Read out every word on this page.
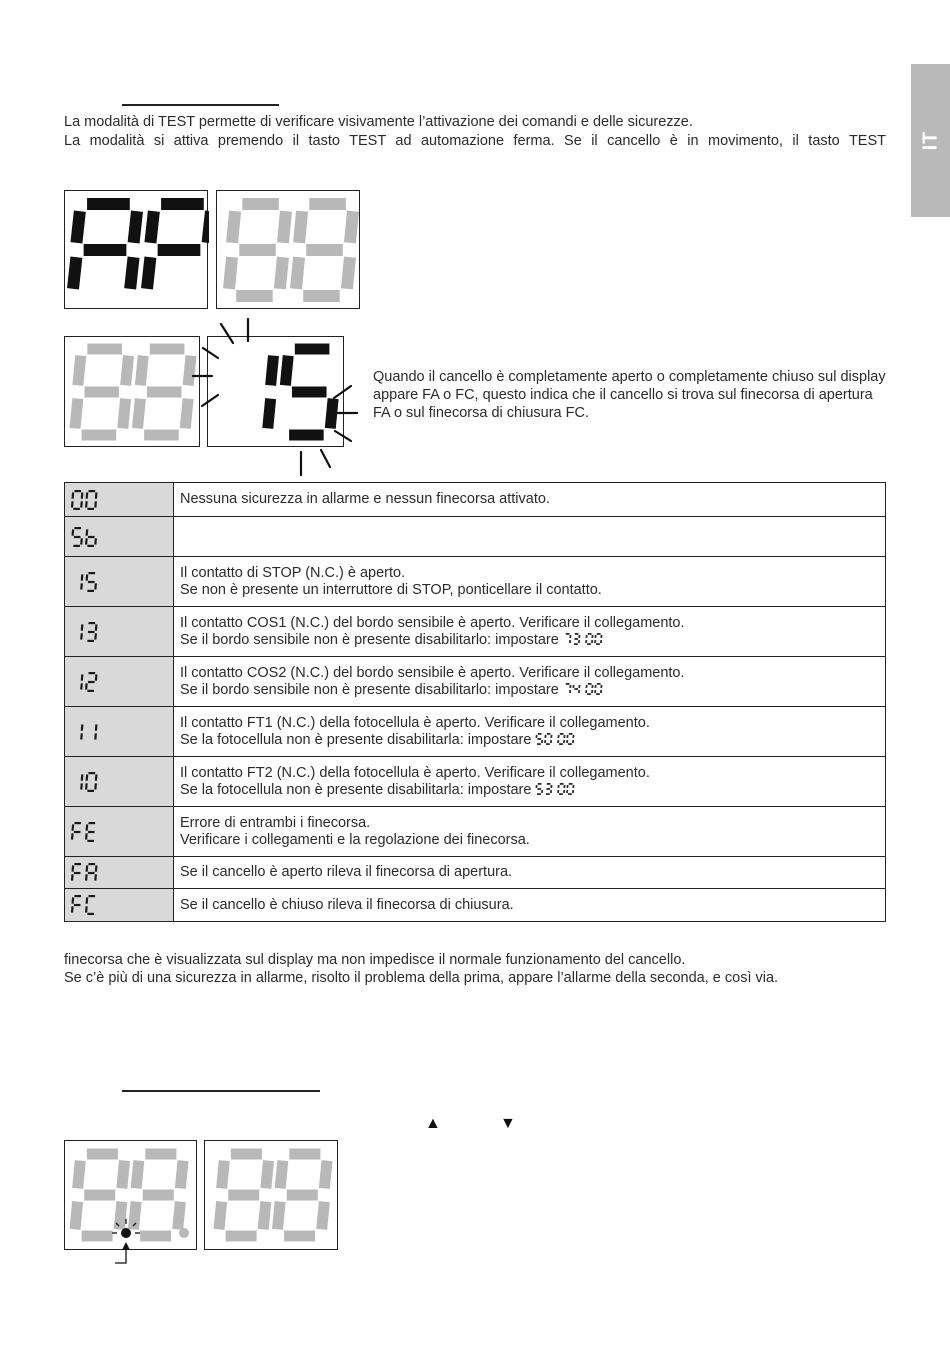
IT
La modalità di TEST permette di verificare visivamente l’attivazione dei comandi e delle sicurezze.
La modalità si attiva premendo il tasto TEST ad automazione ferma. Se il cancello è in movimento, il tasto TEST
Quando il cancello è completamente aperto o completamente chiuso sul display appare FA o FC, questo indica che il cancello si trova sul finecorsa di apertura FA o sul finecorsa di chiusura FC.

Nessuna sicurezza in allarme e nessun finecorsa attivato.

Il contatto di STOP (N.C.) è aperto.
Se non è presente un interruttore di STOP, ponticellare il contatto.

Il contatto COS1 (N.C.) del bordo sensibile è aperto. Verificare il collegamento.
Se il bordo sensibile non è presente disabilitarlo: impostare

Il contatto COS2 (N.C.) del bordo sensibile è aperto. Verificare il collegamento.
Se il bordo sensibile non è presente disabilitarlo: impostare

Il contatto FT1 (N.C.) della fotocellula è aperto. Verificare il collegamento.
Se la fotocellula non è presente disabilitarla: impostare

Il contatto FT2 (N.C.) della fotocellula è aperto. Verificare il collegamento.
Se la fotocellula non è presente disabilitarla: impostare

Errore di entrambi i finecorsa.
Verificare i collegamenti e la regolazione dei finecorsa.

Se il cancello è aperto rileva il finecorsa di apertura.

Se il cancello è chiuso rileva il finecorsa di chiusura.
finecorsa che è visualizzata sul display ma non impedisce il normale funzionamento del cancello.
Se c’è più di una sicurezza in allarme, risolto il problema della prima, appare l’allarme della seconda, e così via.
▲	▼
